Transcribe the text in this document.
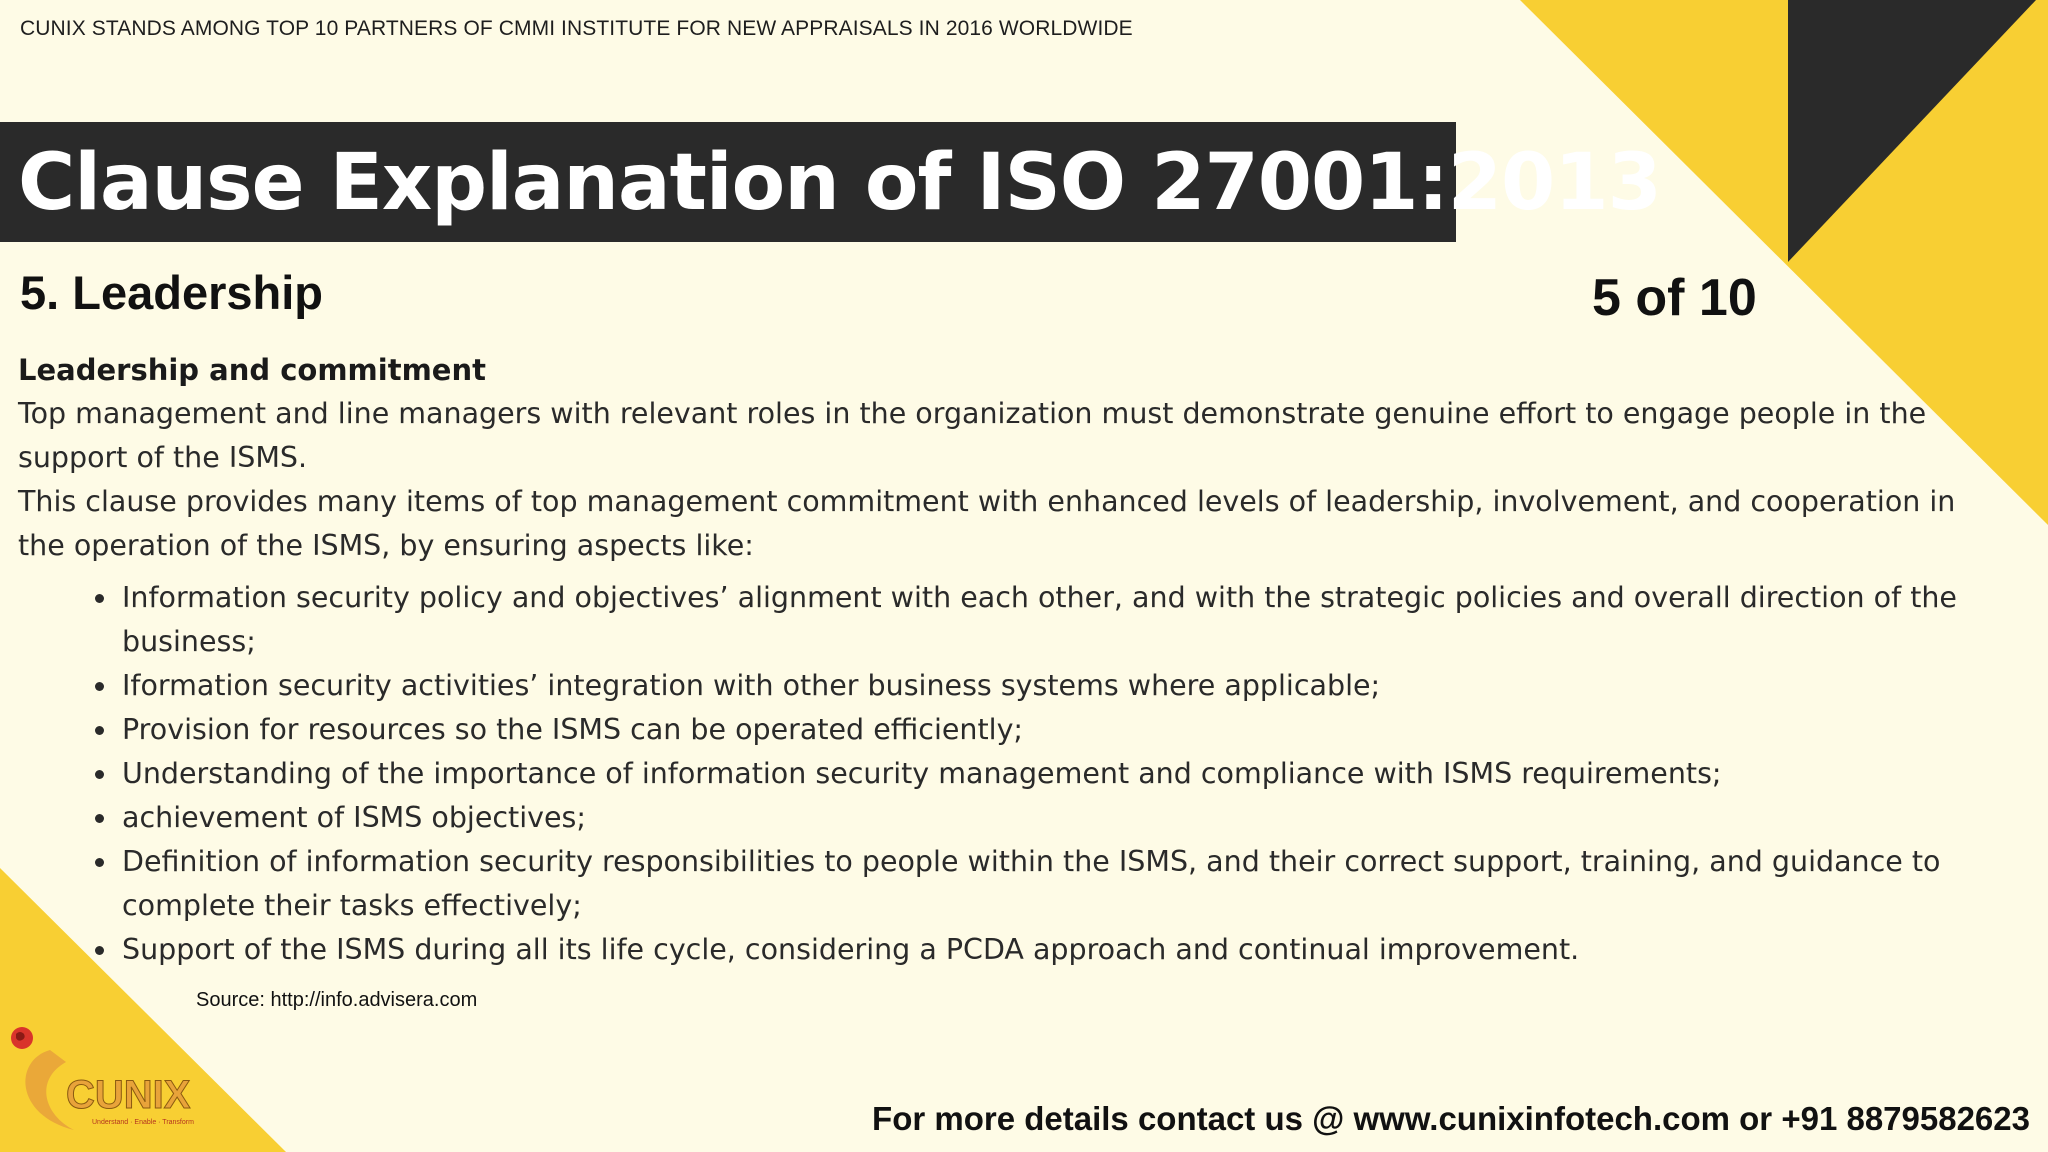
CUNIX STANDS AMONG TOP 10 PARTNERS OF CMMI INSTITUTE FOR NEW APPRAISALS IN 2016 WORLDWIDE
Clause Explanation of ISO 27001:2013
5. Leadership	5 of 10
Leadership and commitment

Top management and line managers with relevant roles in the organization must demonstrate genuine effort to engage people in the support of the ISMS.

This clause provides many items of top management commitment with enhanced levels of leadership, involvement, and cooperation in the operation of the ISMS, by ensuring aspects like:

Information security policy and objectives’ alignment with each other, and with the strategic policies and overall direction of the business;
Iformation security activities’ integration with other business systems where applicable;
Provision for resources so the ISMS can be operated efficiently;
Understanding of the importance of information security management and compliance with ISMS requirements;
achievement of ISMS objectives;
Definition of information security responsibilities to people within the ISMS, and their correct support, training, and guidance to complete their tasks effectively;
Support of the ISMS during all its life cycle, considering a PCDA approach and continual improvement.
Source: http://info.advisera.com
CUNIX
Understand · Enable · Transform	For more details contact us @ www.cunixinfotech.com or +91 8879582623
